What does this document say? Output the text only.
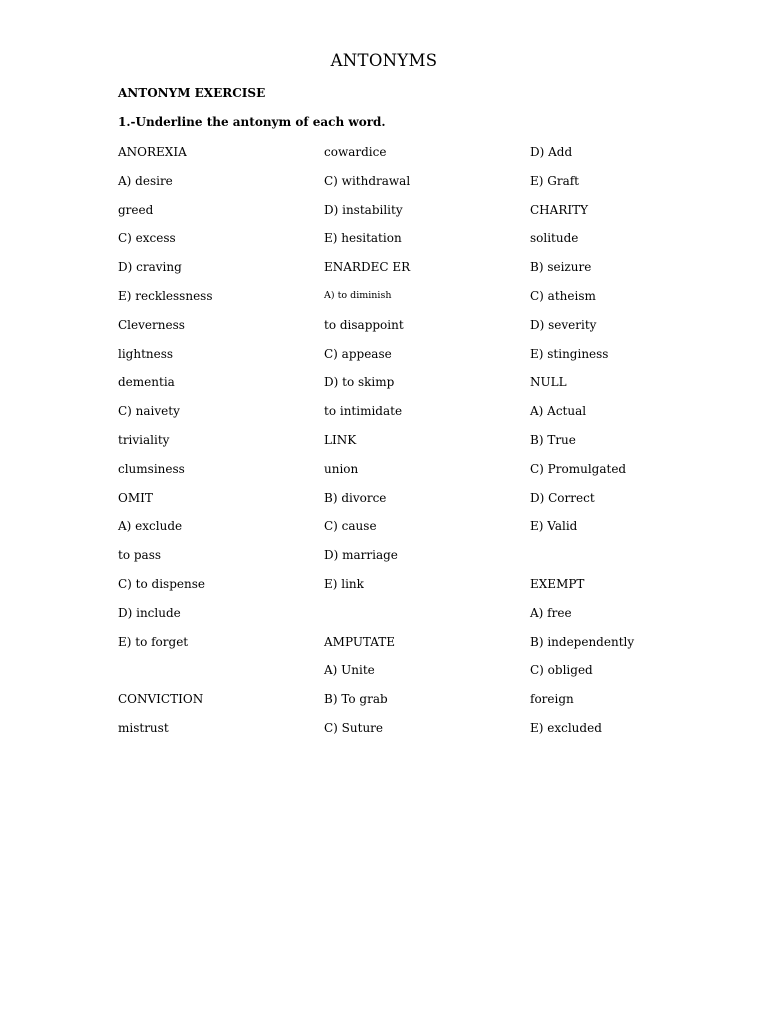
ANTONYMS
ANTONYM EXERCISE
1.-Underline the antonym of each word.
ANOREXIA
A) desire
greed
C) excess
D) craving
E) recklessness
Cleverness
lightness
dementia
C) naivety
triviality
clumsiness
OMIT
A) exclude
to pass
C) to dispense
D) include
E) to forget
CONVICTION
mistrust
cowardice
C) withdrawal
D) instability
E) hesitation
ENARDEC ER
A) to diminish
to disappoint
C) appease
D) to skimp
to intimidate
LINK
union
B) divorce
C) cause
D) marriage
E) link
AMPUTATE
A) Unite
B) To grab
C) Suture
D) Add
E) Graft
CHARITY
solitude
B) seizure
C) atheism
D) severity
E) stinginess
NULL
A) Actual
B) True
C) Promulgated
D) Correct
E) Valid
EXEMPT
A) free
B) independently
C) obliged
foreign
E) excluded
